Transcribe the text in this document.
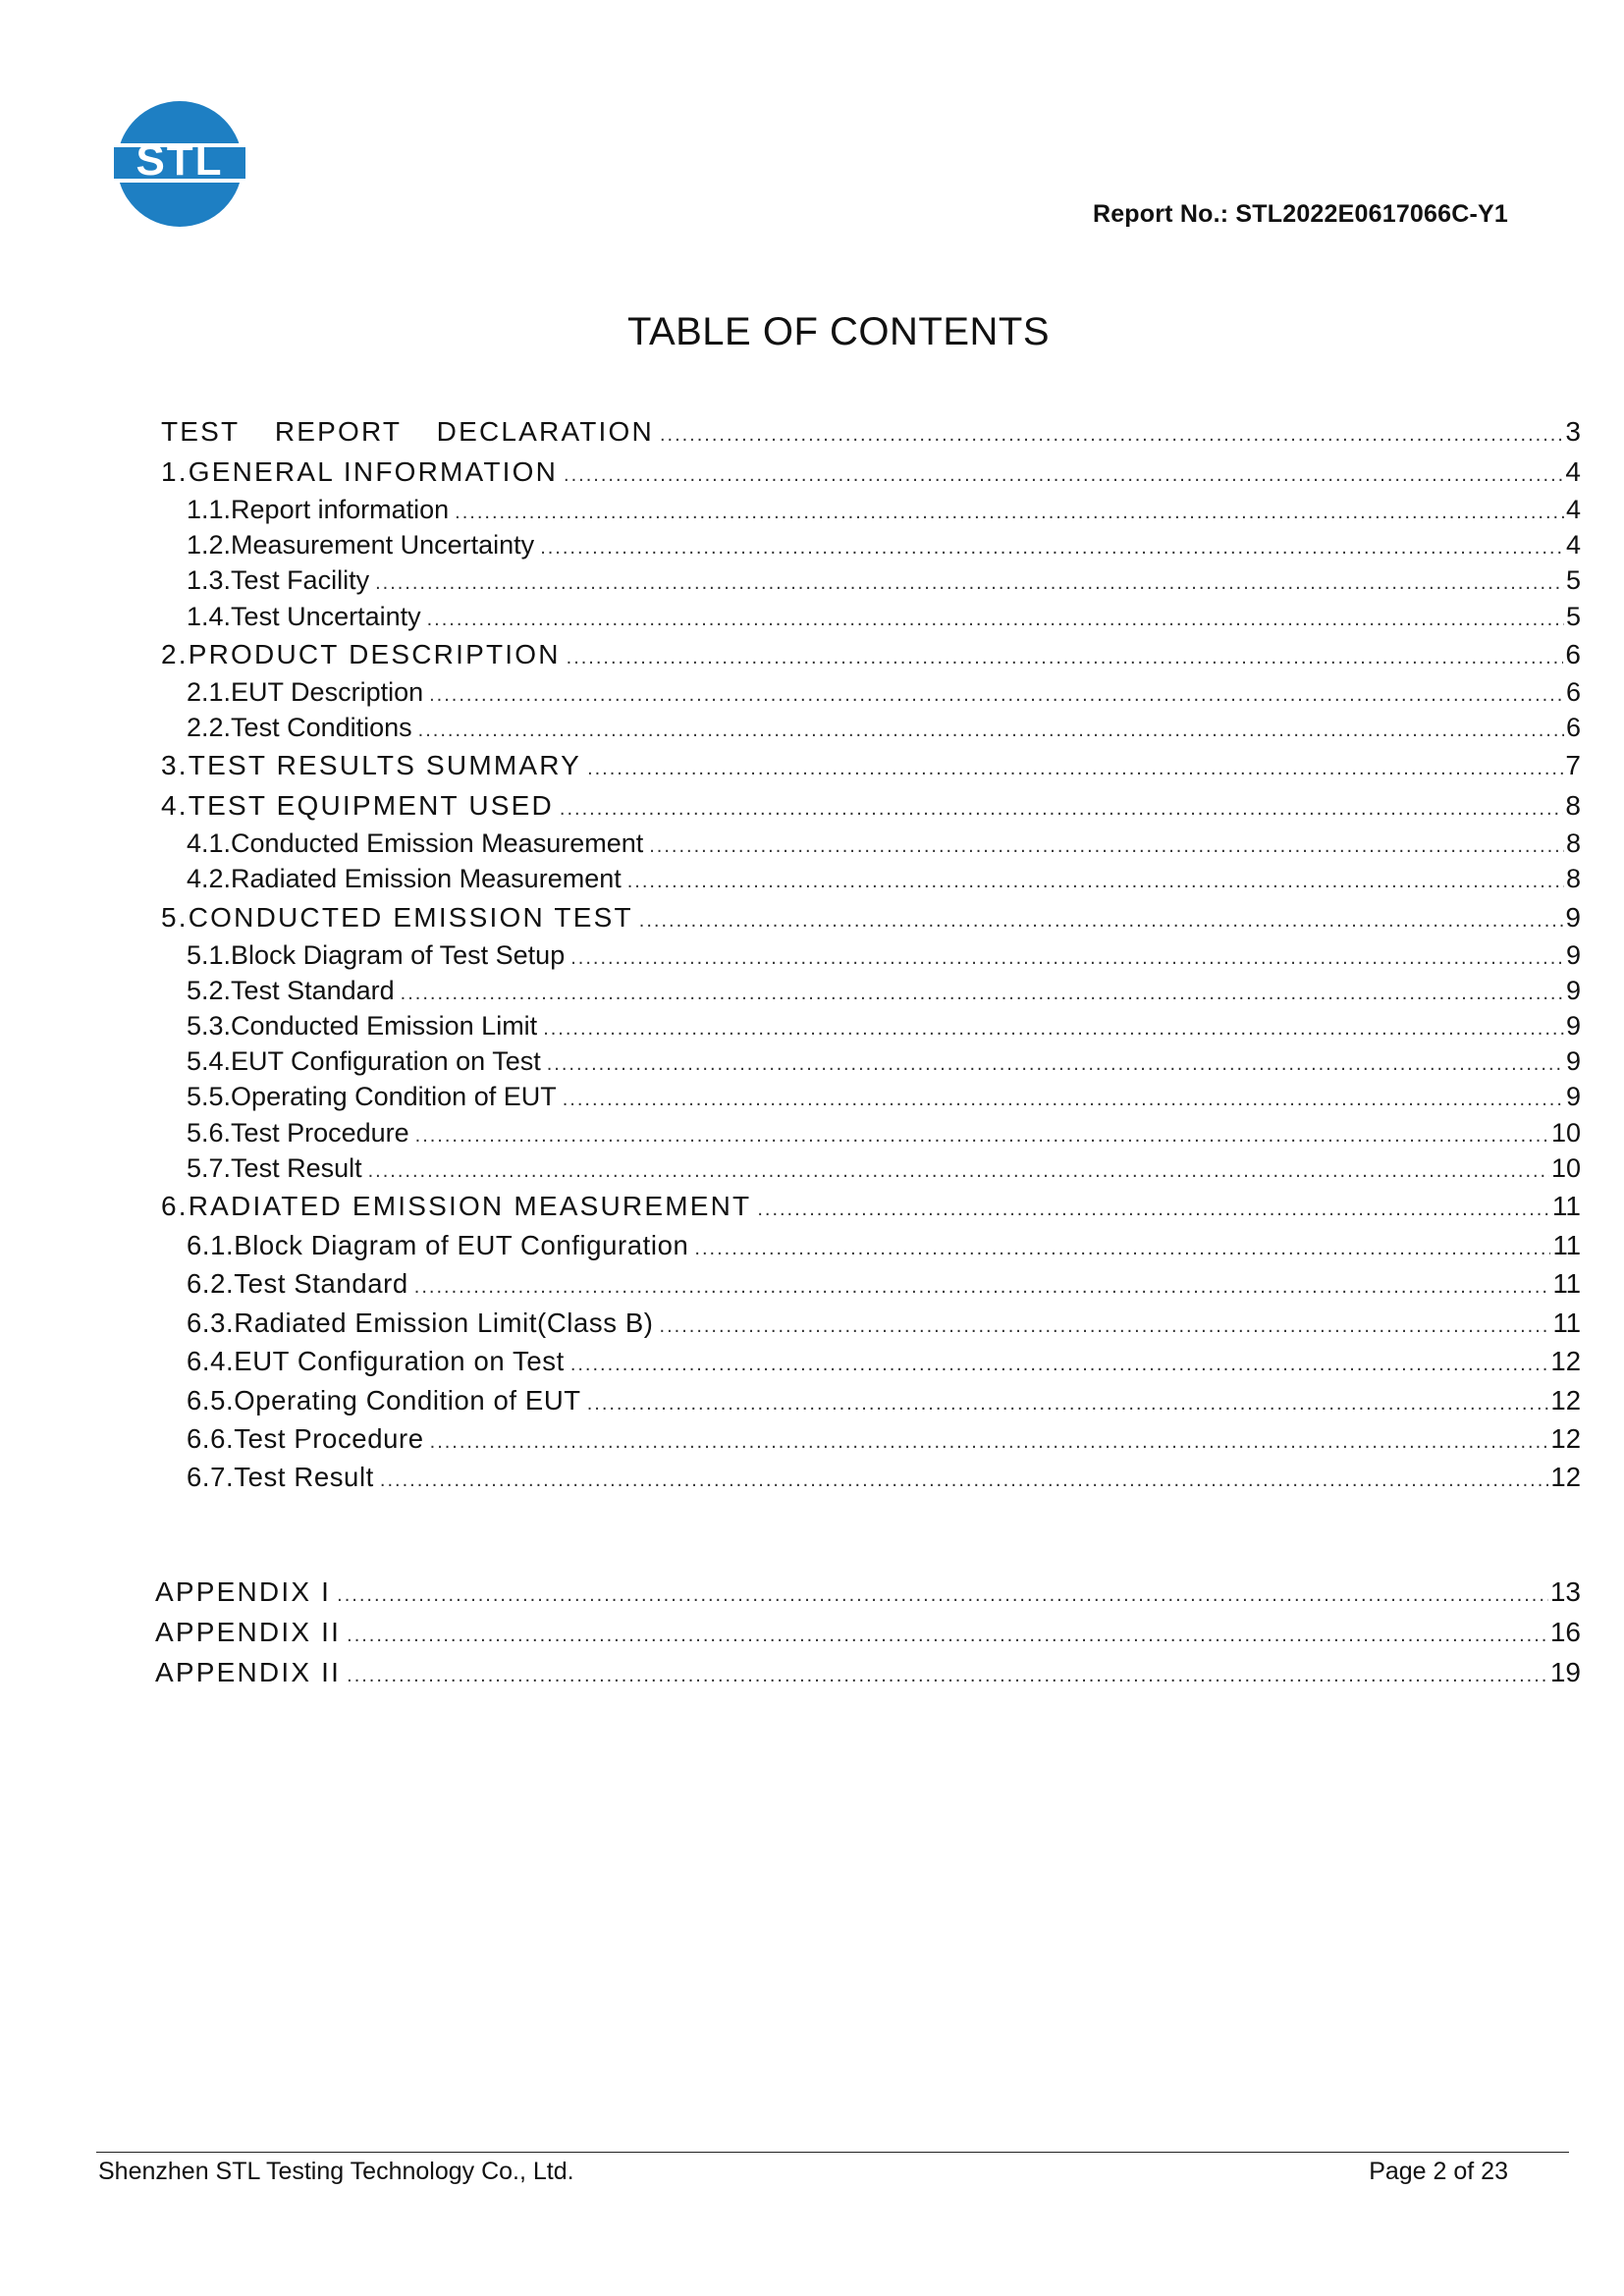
STL
Report No.: STL2022E0617066C-Y1
TABLE OF CONTENTS
TEST REPORT DECLARATION .....	3
1. GENERAL INFORMATION .....	4
1.1. Report information .....	4
1.2. Measurement Uncertainty .....	4
1.3. Test Facility .....	5
1.4. Test Uncertainty .....	5
2. PRODUCT DESCRIPTION .....	6
2.1. EUT Description .....	6
2.2. Test Conditions .....	6
3. TEST RESULTS SUMMARY .....	7
4. TEST EQUIPMENT USED .....	8
4.1. Conducted Emission Measurement .....	8
4.2. Radiated Emission Measurement .....	8
5. CONDUCTED EMISSION TEST .....	9
5.1. Block Diagram of Test Setup .....	9
5.2. Test Standard .....	9
5.3. Conducted Emission Limit .....	9
5.4. EUT Configuration on Test .....	9
5.5. Operating Condition of EUT .....	9
5.6. Test Procedure .....	10
5.7. Test Result .....	10
6. RADIATED EMISSION MEASUREMENT .....	11
6.1. Block Diagram of EUT Configuration .....	11
6.2. Test Standard .....	11
6.3. Radiated Emission Limit(Class B) .....	11
6.4. EUT Configuration on Test .....	12
6.5. Operating Condition of EUT .....	12
6.6. Test Procedure .....	12
6.7. Test Result .....	12
APPENDIX I .....	13
APPENDIX II .....	16
APPENDIX II .....	19
Shenzhen STL Testing Technology Co., Ltd.	Page 2 of 23
